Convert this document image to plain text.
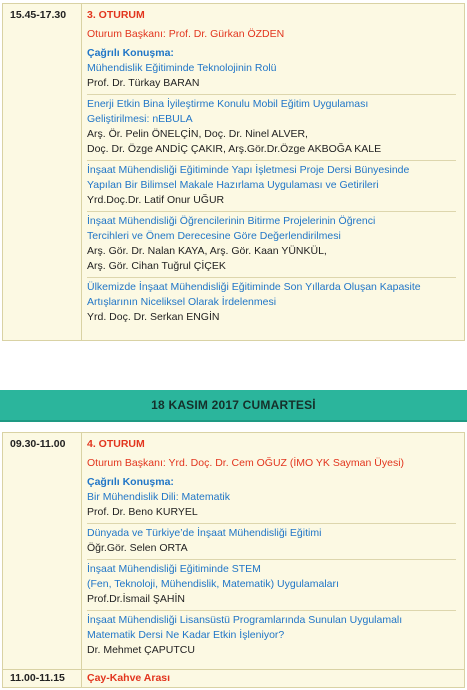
15.45-17.30	3. OTURUM
Oturum Başkanı: Prof. Dr. Gürkan ÖZDEN
Çağrılı Konuşma:
Mühendislik Eğitiminde Teknolojinin Rolü
Prof. Dr. Türkay BARAN
Enerji Etkin Bina İyileştirme Konulu Mobil Eğitim Uygulaması
Geliştirilmesi: nEBULA
Arş. Ör. Pelin ÖNELÇİN, Doç. Dr. Ninel ALVER,
Doç. Dr. Özge ANDİÇ ÇAKIR, Arş.Gör.Dr.Özge AKBOĞA KALE
İnşaat Mühendisliği Eğitiminde Yapı İşletmesi Proje Dersi Bünyesinde
Yapılan Bir Bilimsel Makale Hazırlama Uygulaması ve Getirileri
Yrd.Doç.Dr. Latif Onur UĞUR
İnşaat Mühendisliği Öğrencilerinin Bitirme Projelerinin Öğrenci
Tercihleri ve Önem Derecesine Göre Değerlendirilmesi
Arş. Gör. Dr. Nalan KAYA, Arş. Gör. Kaan YÜNKÜL,
Arş. Gör. Cihan Tuğrul ÇİÇEK
Ülkemizde İnşaat Mühendisliği Eğitiminde Son Yıllarda Oluşan Kapasite
Artışlarının Niceliksel Olarak İrdelenmesi
Yrd. Doç. Dr. Serkan ENGİN
18 KASIM 2017 CUMARTESİ
09.30-11.00	4. OTURUM
Oturum Başkanı: Yrd. Doç. Dr. Cem OĞUZ (İMO YK Sayman Üyesi)
Çağrılı Konuşma:
Bir Mühendislik Dili: Matematik
Prof. Dr. Beno KURYEL
Dünyada ve Türkiye’de İnşaat Mühendisliği Eğitimi
Öğr.Gör. Selen ORTA
İnşaat Mühendisliği Eğitiminde STEM
(Fen, Teknoloji, Mühendislik, Matematik) Uygulamaları
Prof.Dr.İsmail ŞAHİN
İnşaat Mühendisliği Lisansüstü Programlarında Sunulan Uygulamalı
Matematik Dersi Ne Kadar Etkin İşleniyor?
Dr. Mehmet ÇAPUTCU
11.00-11.15	Çay-Kahve Arası
